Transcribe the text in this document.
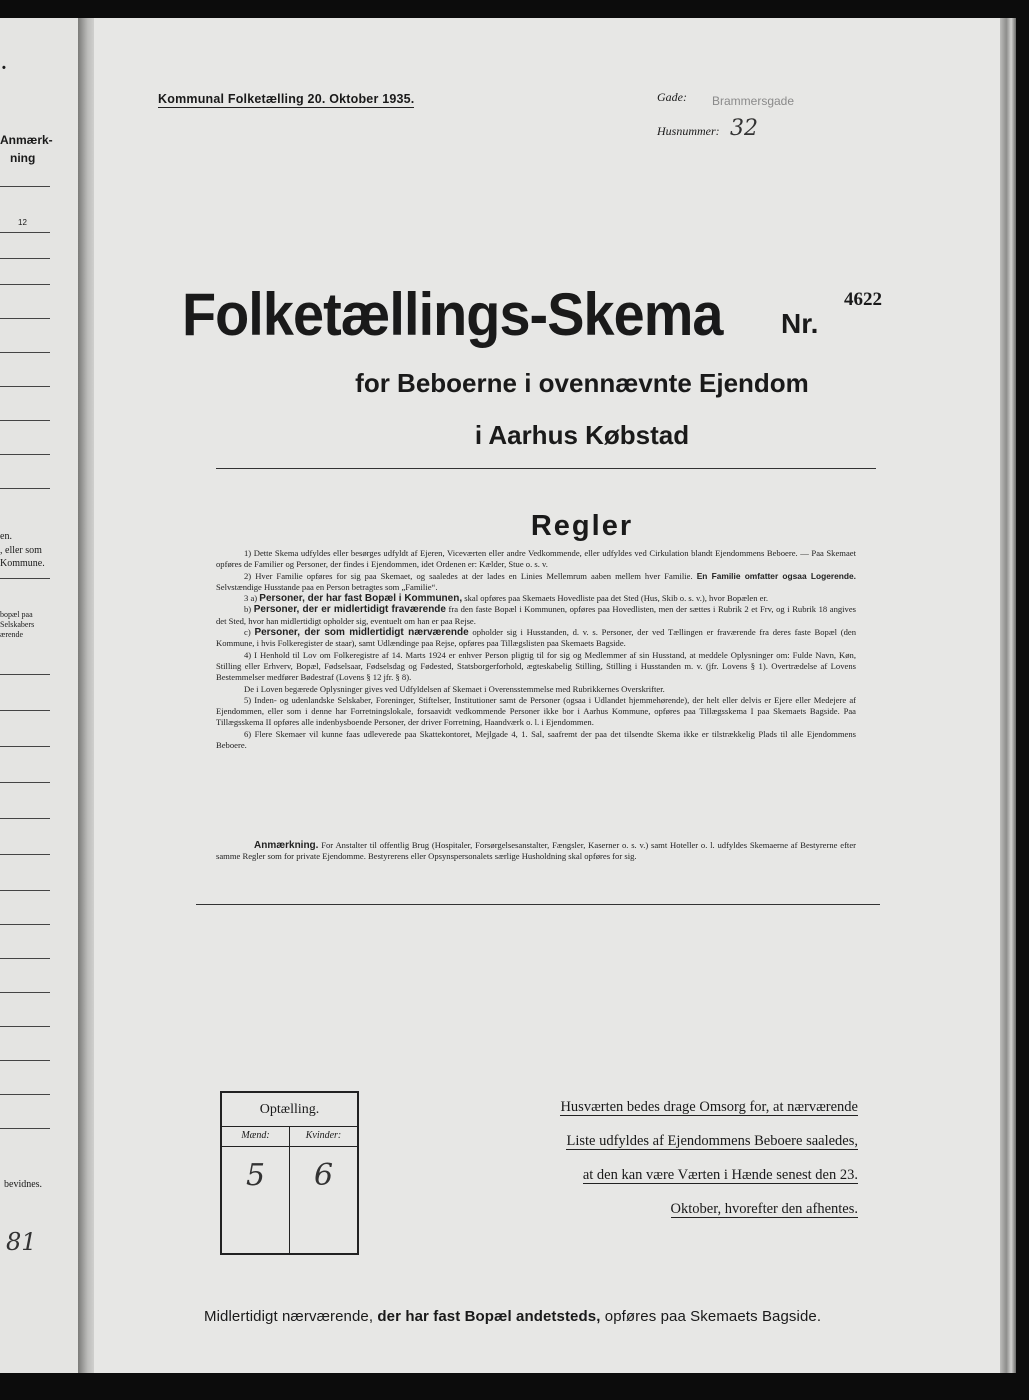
•
Anmærk-
ning
12
en.
, eller som
Kommune.
bopæl paa
Selskabers
ærende
bevidnes.
81
Kommunal Folketælling 20. Oktober 1935.	Gade: Brammersgade
Husnummer: 32
Folketællings-Skema Nr.
4622
for Beboerne i ovennævnte Ejendom
i Aarhus Købstad
Regler

1) Dette Skema udfyldes eller besørges udfyldt af Ejeren, Viceværten eller andre Vedkommende, eller udfyldes ved Cirkulation blandt Ejendommens Beboere. — Paa Skemaet opføres de Familier og Personer, der findes i Ejendommen, idet Ordenen er: Kælder, Stue o. s. v.

2) Hver Familie opføres for sig paa Skemaet, og saaledes at der lades en Linies Mellemrum aaben mellem hver Familie. En Familie omfatter ogsaa Logerende. Selvstændige Husstande paa en Person betragtes som „Familie“.

3 a) Personer, der har fast Bopæl i Kommunen, skal opføres paa Skemaets Hovedliste paa det Sted (Hus, Skib o. s. v.), hvor Bopælen er.

b) Personer, der er midlertidigt fraværende fra den faste Bopæl i Kommunen, opføres paa Hovedlisten, men der sættes i Rubrik 2 et Frv, og i Rubrik 18 angives det Sted, hvor han midlertidigt opholder sig, eventuelt om han er paa Rejse.

c) Personer, der som midlertidigt nærværende opholder sig i Husstanden, d. v. s. Personer, der ved Tællingen er fraværende fra deres faste Bopæl (den Kommune, i hvis Folkeregister de staar), samt Udlændinge paa Rejse, opføres paa Tillægslisten paa Skemaets Bagside.

4) I Henhold til Lov om Folkeregistre af 14. Marts 1924 er enhver Person pligtig til for sig og Medlemmer af sin Husstand, at meddele Oplysninger om: Fulde Navn, Køn, Stilling eller Erhverv, Bopæl, Fødselsaar, Fødselsdag og Fødested, Statsborgerforhold, ægteskabelig Stilling, Stilling i Husstanden m. v. (jfr. Lovens § 1). Overtrædelse af Lovens Bestemmelser medfører Bødestraf (Lovens § 12 jfr. § 8).

De i Loven begærede Oplysninger gives ved Udfyldelsen af Skemaet i Overensstemmelse med Rubrikkernes Overskrifter.

5) Inden- og udenlandske Selskaber, Foreninger, Stiftelser, Institutioner samt de Personer (ogsaa i Udlandet hjemmehørende), der helt eller delvis er Ejere eller Medejere af Ejendommen, eller som i denne har Forretningslokale, forsaavidt vedkommende Personer ikke bor i Aarhus Kommune, opføres paa Tillægsskema I paa Skemaets Bagside. Paa Tillægsskema II opføres alle indenbysboende Personer, der driver Forretning, Haandværk o. l. i Ejendommen.

6) Flere Skemaer vil kunne faas udleverede paa Skattekontoret, Mejlgade 4, 1. Sal, saafremt der paa det tilsendte Skema ikke er tilstrækkelig Plads til alle Ejendommens Beboere.

Anmærkning. For Anstalter til offentlig Brug (Hospitaler, Forsørgelsesanstalter, Fængsler, Kaserner o. s. v.) samt Hoteller o. l. udfyldes Skemaerne af Bestyrerne efter samme Regler som for private Ejendomme. Bestyrerens eller Opsynspersonalets særlige Husholdning skal opføres for sig.

Optælling.
Mænd:
5
Kvinder:
6
Husværten bedes drage Omsorg for, at nærværende
Liste udfyldes af Ejendommens Beboere saaledes,
at den kan være Værten i Hænde senest den 23.
Oktober, hvorefter den afhentes.
Midlertidigt nærværende, der har fast Bopæl andetsteds, opføres paa Skemaets Bagside.
